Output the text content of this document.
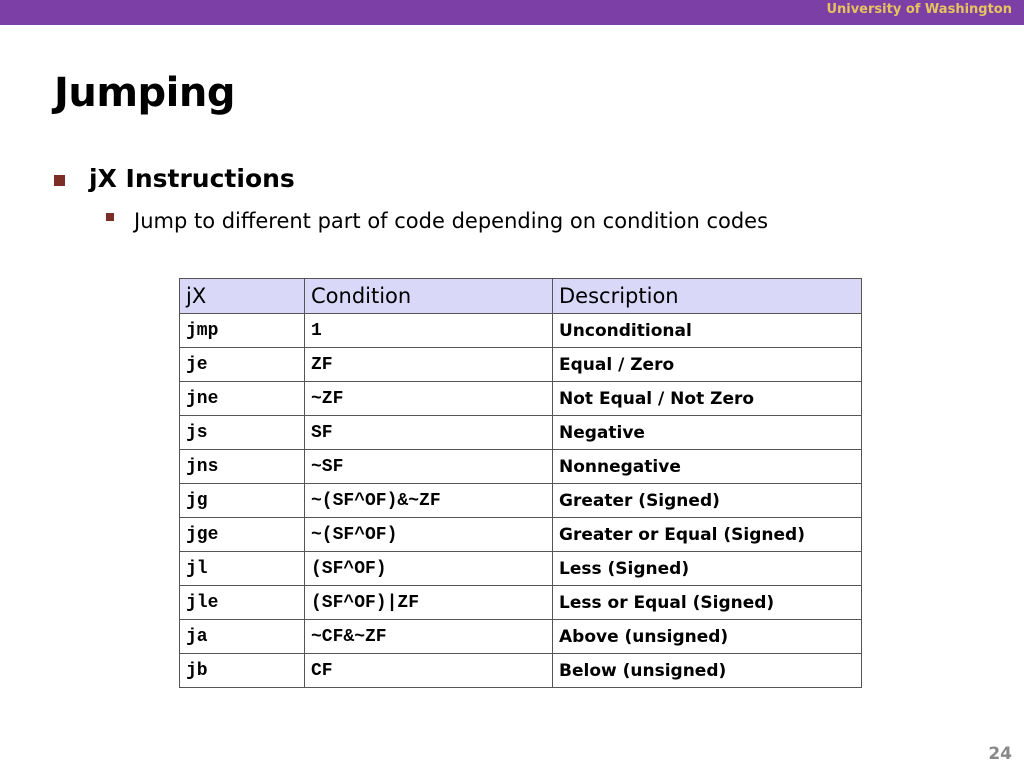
University of Washington
Jumping
jX Instructions
Jump to different part of code depending on condition codes
jX	Condition	Description
jmp	1	Unconditional
je	ZF	Equal / Zero
jne	~ZF	Not Equal / Not Zero
js	SF	Negative
jns	~SF	Nonnegative
jg	~(SF^OF)&~ZF	Greater (Signed)
jge	~(SF^OF)	Greater or Equal (Signed)
jl	(SF^OF)	Less (Signed)
jle	(SF^OF)|ZF	Less or Equal (Signed)
ja	~CF&~ZF	Above (unsigned)
jb	CF	Below (unsigned)
24
